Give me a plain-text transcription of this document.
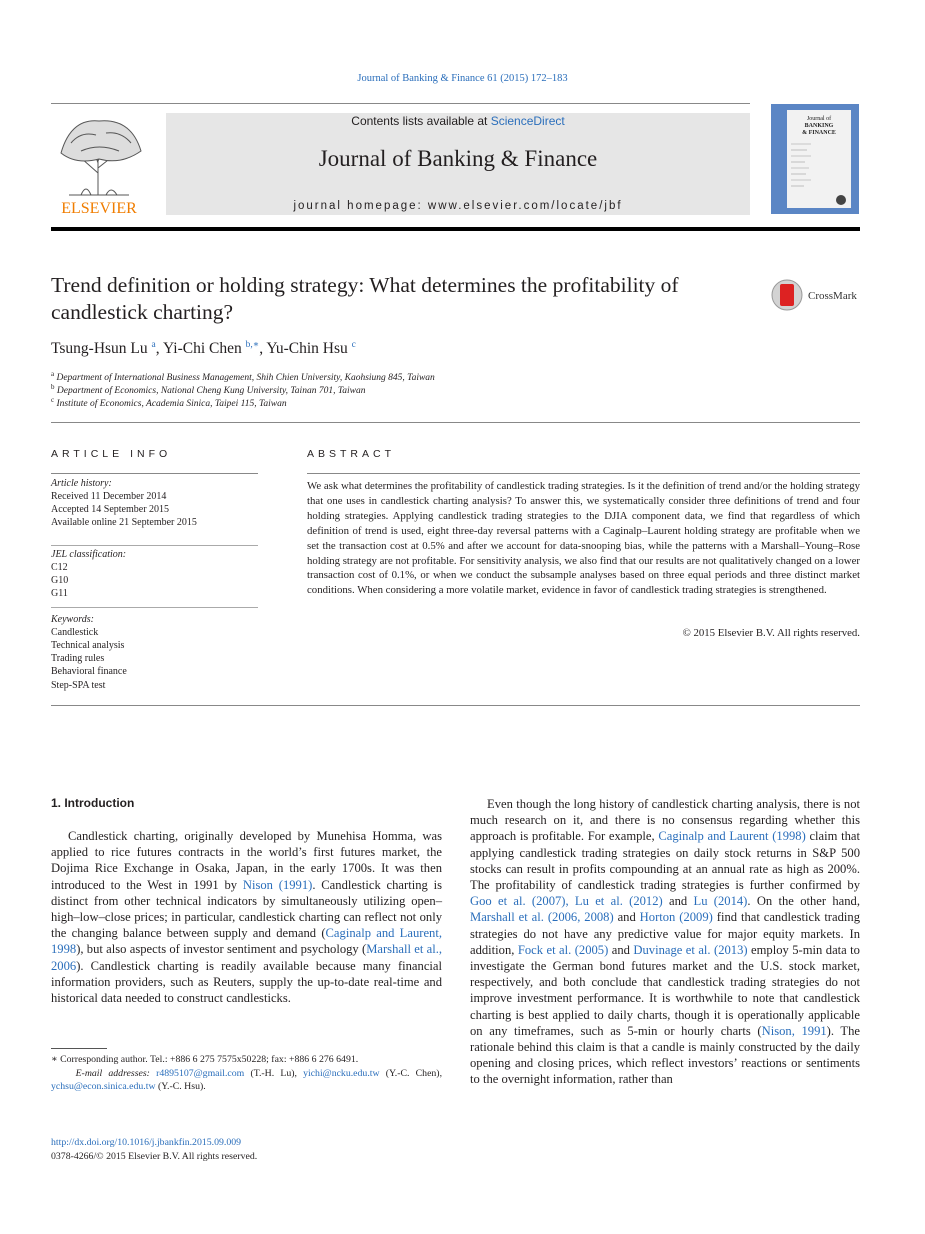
Journal of Banking & Finance 61 (2015) 172–183
ELSEVIER
Contents lists available at ScienceDirect
Journal of Banking & Finance
journal homepage: www.elsevier.com/locate/jbf
Journal of
BANKING
& FINANCE
Trend definition or holding strategy: What determines the profitability of candlestick charting?
CrossMark
Tsung-Hsun Lu $^a$, Yi-Chi Chen $^{b,∗}$, Yu-Chin Hsu $^c$
$^a$ Department of International Business Management, Shih Chien University, Kaohsiung 845, Taiwan
$^b$ Department of Economics, National Cheng Kung University, Tainan 701, Taiwan
$^c$ Institute of Economics, Academia Sinica, Taipei 115, Taiwan
ARTICLE INFO
Article history:
Received 11 December 2014
Accepted 14 September 2015
Available online 21 September 2015
JEL classification:
C12
G10
G11
Keywords:
Candlestick
Technical analysis
Trading rules
Behavioral finance
Step-SPA test
ABSTRACT

We ask what determines the profitability of candlestick trading strategies. Is it the definition of trend and/or the holding strategy that one uses in candlestick charting analysis? To answer this, we systematically consider three definitions of trend and four holding strategies. Applying candlestick trading strategies to the DJIA component data, we find that regardless of which definition of trend is used, eight three-day reversal patterns with a Caginalp–Laurent holding strategy are profitable when we set the transaction cost at 0.5% and after we account for data-snooping bias, while the patterns with a Marshall–Young–Rose holding strategy are not profitable. For sensitivity analysis, we also find that our results are not qualitatively changed on a lower transaction cost of 0.1%, or when we conduct the subsample analyses based on three equal periods and three distinct market conditions. When considering a more volatile market, evidence in favor of candlestick trading strategies is strengthened.

© 2015 Elsevier B.V. All rights reserved.
1. Introduction

Candlestick charting, originally developed by Munehisa Homma, was applied to rice futures contracts in the world’s first futures market, the Dojima Rice Exchange in Osaka, Japan, in the early 1700s. It was then introduced to the West in 1991 by Nison (1991). Candlestick charting is distinct from other technical indicators by simultaneously utilizing open–high–low–close prices; in particular, candlestick charting can reflect not only the changing balance between supply and demand (Caginalp and Laurent, 1998), but also aspects of investor sentiment and psychology (Marshall et al., 2006). Candlestick charting is readily available because many financial information providers, such as Reuters, supply the up-to-date real-time and historical data needed to construct candlesticks.

Even though the long history of candlestick charting analysis, there is not much research on it, and there is no consensus regarding whether this approach is profitable. For example, Caginalp and Laurent (1998) claim that applying candlestick trading strategies on daily stock returns in S&P 500 stocks can result in profits compounding at an annual rate as high as 200%. The profitability of candlestick trading strategies is further confirmed by Goo et al. (2007), Lu et al. (2012) and Lu (2014). On the other hand, Marshall et al. (2006, 2008) and Horton (2009) find that candlestick trading strategies do not have any predictive value for major equity markets. In addition, Fock et al. (2005) and Duvinage et al. (2013) employ 5-min data to investigate the German bond futures market and the U.S. stock market, respectively, and both conclude that candlestick trading strategies do not improve investment performance. It is worthwhile to note that candlestick charting is best applied to daily charts, though it is operationally applicable on any timeframes, such as 5-min or hourly charts (Nison, 1991). The rationale behind this claim is that a candle is mainly constructed by the daily opening and closing prices, which reflect investors’ reactions or sentiments to the overnight information, rather than

∗ Corresponding author. Tel.: +886 6 275 7575x50228; fax: +886 6 276 6491.
E-mail addresses: r4895107@gmail.com (T.-H. Lu), yichi@ncku.edu.tw (Y.-C. Chen), ychsu@econ.sinica.edu.tw (Y.-C. Hsu).

http://dx.doi.org/10.1016/j.jbankfin.2015.09.009
0378-4266/© 2015 Elsevier B.V. All rights reserved.
